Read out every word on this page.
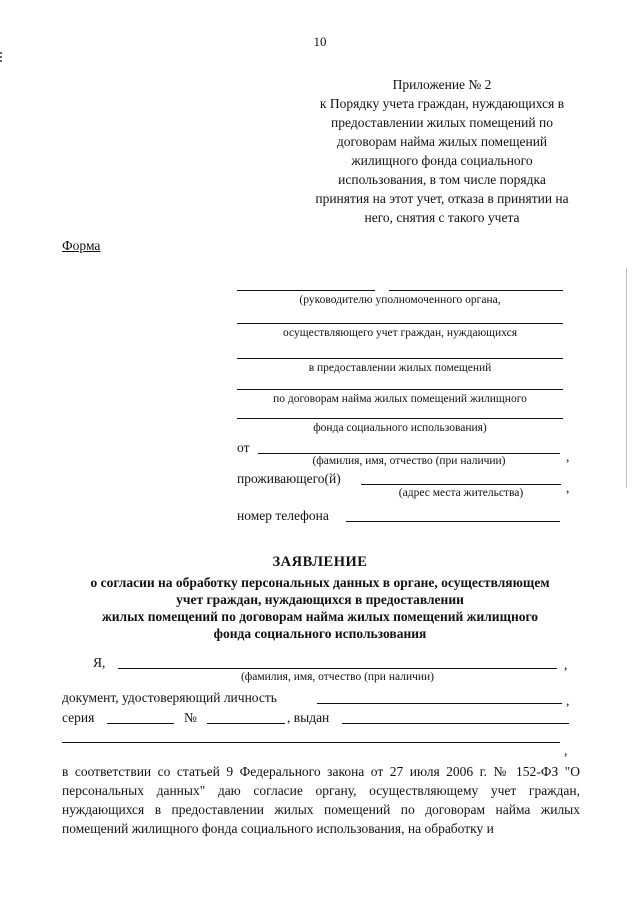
10
Приложение № 2
к Порядку учета граждан, нуждающихся в
предоставлении жилых помещений по
договорам найма жилых помещений
жилищного фонда социального
использования, в том числе порядка
принятия на этот учет, отказа в принятии на
него, снятия с такого учета
Форма
(руководителю уполномоченного органа,
осуществляющего учет граждан, нуждающихся
в предоставлении жилых помещений
по договорам найма жилых помещений жилищного
фонда социального использования)
от
,
(фамилия, имя, отчество (при наличии)
проживающего(й)
,
(адрес места жительства)
номер телефона
ЗАЯВЛЕНИЕ
о согласии на обработку персональных данных в органе, осуществляющем
учет граждан, нуждающихся в предоставлении
жилых помещений по договорам найма жилых помещений жилищного
фонда социального использования
Я,	,
(фамилия, имя, отчество (при наличии)
документ, удостоверяющий личность	,
серия	№	, выдан
,
в соответствии со статьей 9 Федерального закона от 27 июля 2006 г. № 152-ФЗ "О персональных данных" даю согласие органу, осуществляющему учет граждан, нуждающихся в предоставлении жилых помещений по договорам найма жилых помещений жилищного фонда социального использования, на обработку и
